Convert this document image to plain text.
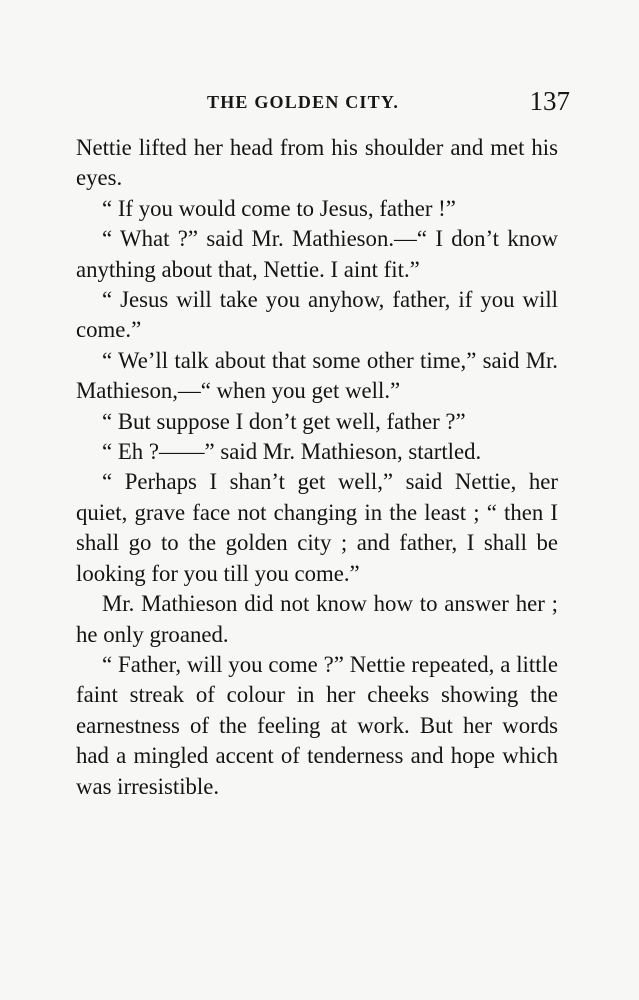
THE GOLDEN CITY.	137

Nettie lifted her head from his shoulder and met his eyes.

“ If you would come to Jesus, father !”

“ What ?” said Mr. Mathieson.—“ I don’t know anything about that, Nettie. I aint fit.”

“ Jesus will take you anyhow, father, if you will come.”

“ We’ll talk about that some other time,” said Mr. Mathieson,—“ when you get well.”

“ But suppose I don’t get well, father ?”

“ Eh ?——” said Mr. Mathieson, startled.

“ Perhaps I shan’t get well,” said Nettie, her quiet, grave face not changing in the least ; “ then I shall go to the golden city ; and father, I shall be looking for you till you come.”

Mr. Mathieson did not know how to answer her ; he only groaned.

“ Father, will you come ?” Nettie repeated, a little faint streak of colour in her cheeks showing the earnestness of the feeling at work. But her words had a mingled accent of tenderness and hope which was irresistible.
